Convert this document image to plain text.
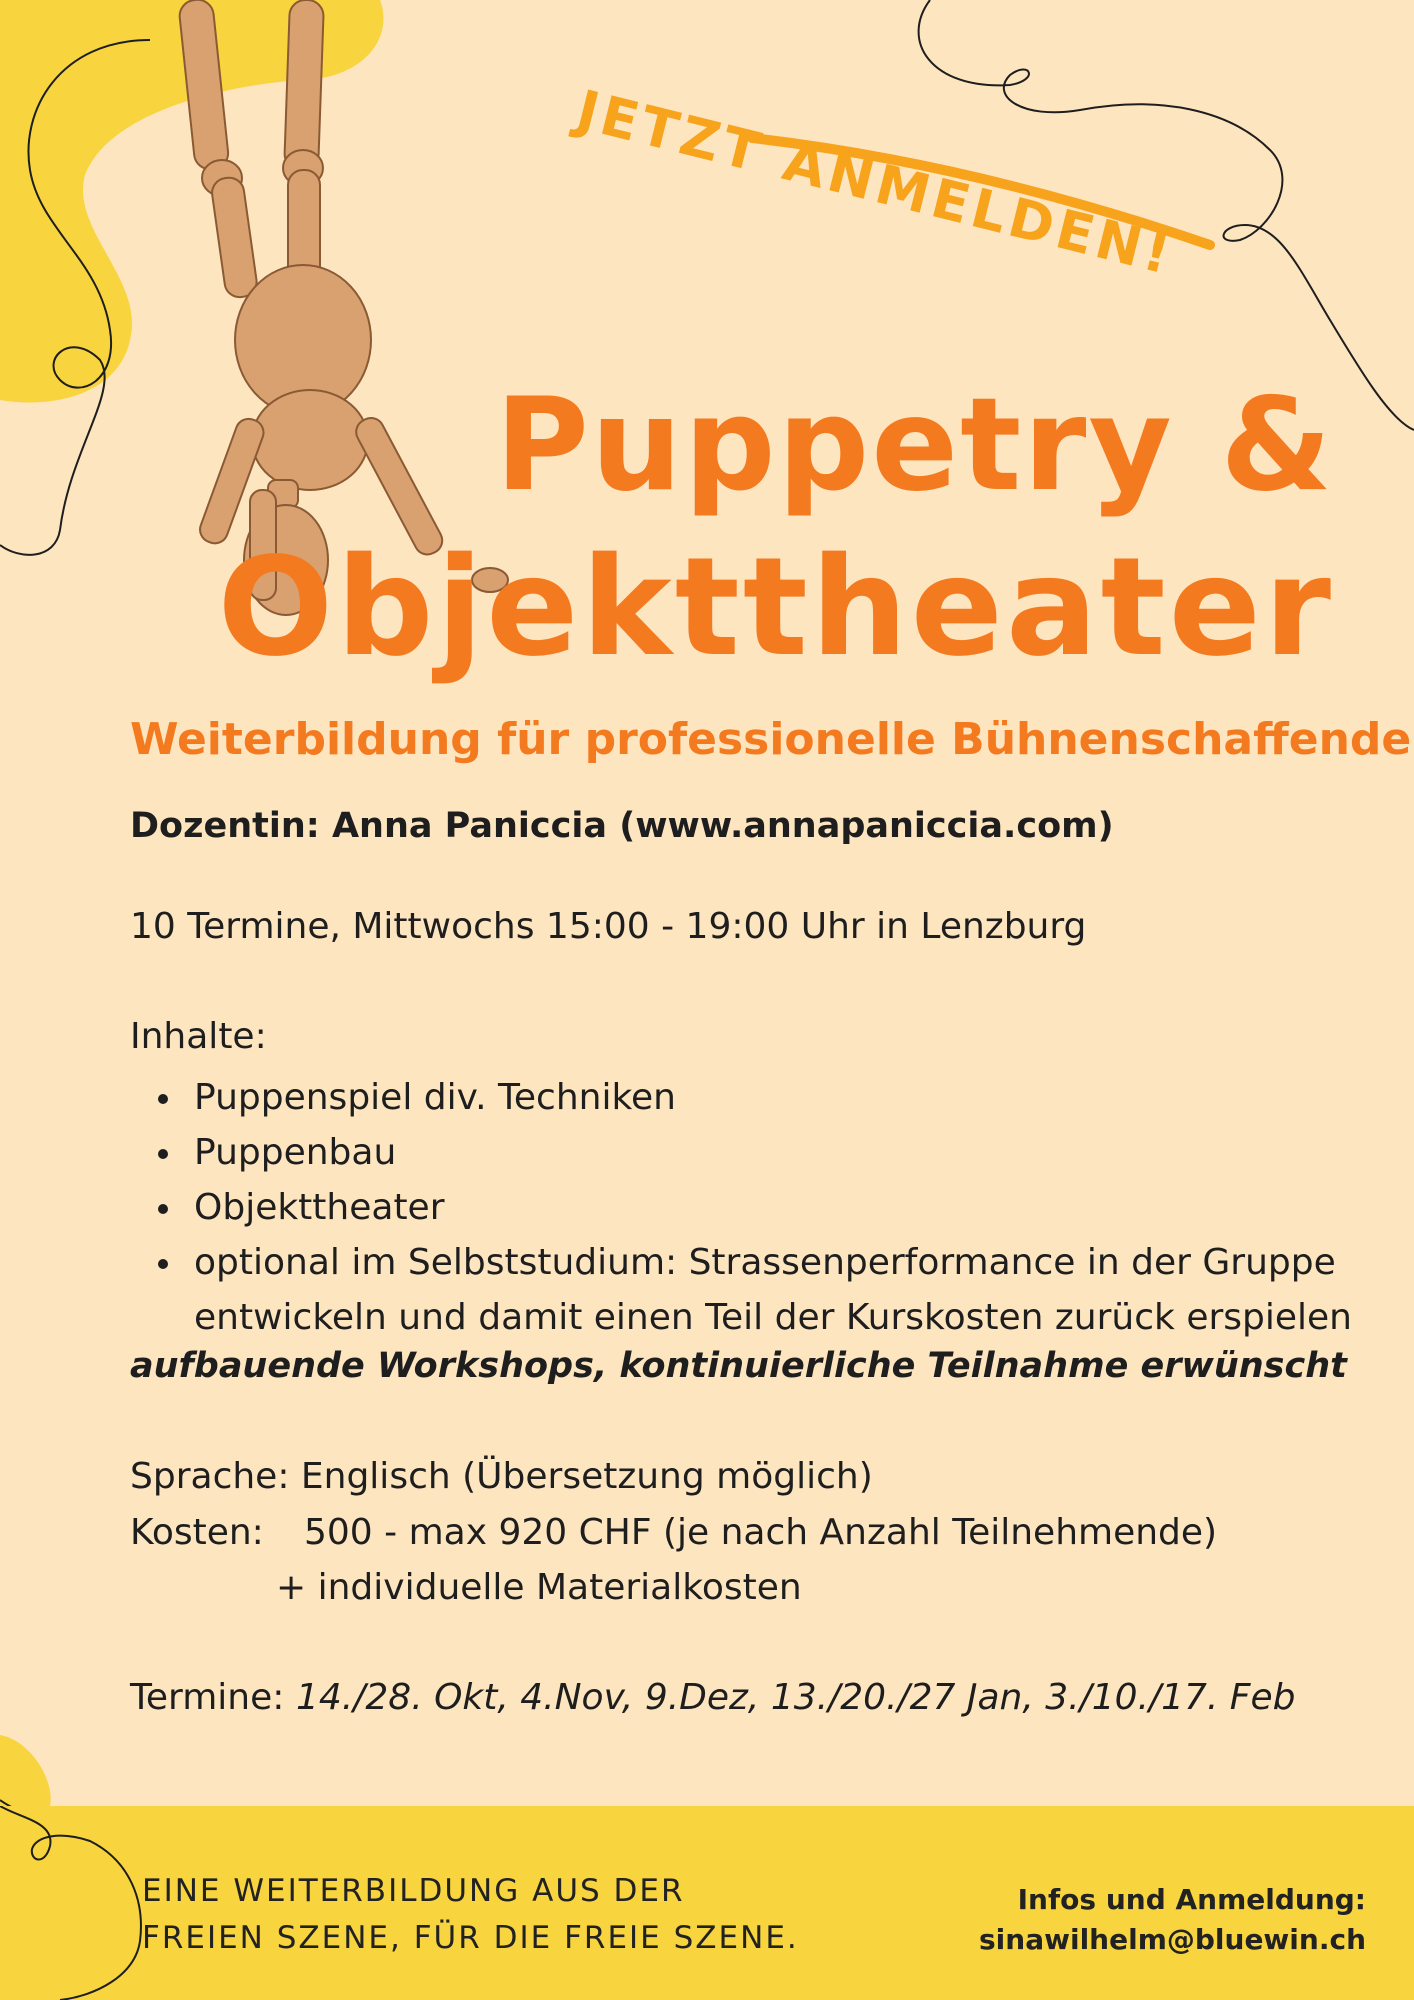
JETZT ANMELDEN!
Puppetry &
Objekttheater
Weiterbildung für professionelle Bühnenschaffende
Dozentin: Anna Paniccia (www.annapaniccia.com)
10 Termine, Mittwochs 15:00 - 19:00 Uhr in Lenzburg
Inhalte:
Puppenspiel div. Techniken
Puppenbau
Objekttheater
optional im Selbststudium: Strassenperformance in der Gruppe
entwickeln und damit einen Teil der Kurskosten zurück erspielen
aufbauende Workshops, kontinuierliche Teilnahme erwünscht
Sprache: Englisch (Übersetzung möglich)
Kosten: 500 - max 920 CHF (je nach Anzahl Teilnehmende)
+ individuelle Materialkosten
Termine: 14./28. Okt, 4.Nov, 9.Dez, 13./20./27 Jan, 3./10./17. Feb
EINE WEITERBILDUNG AUS DER
FREIEN SZENE, FÜR DIE FREIE SZENE.
Infos und Anmeldung:
sinawilhelm@bluewin.ch
